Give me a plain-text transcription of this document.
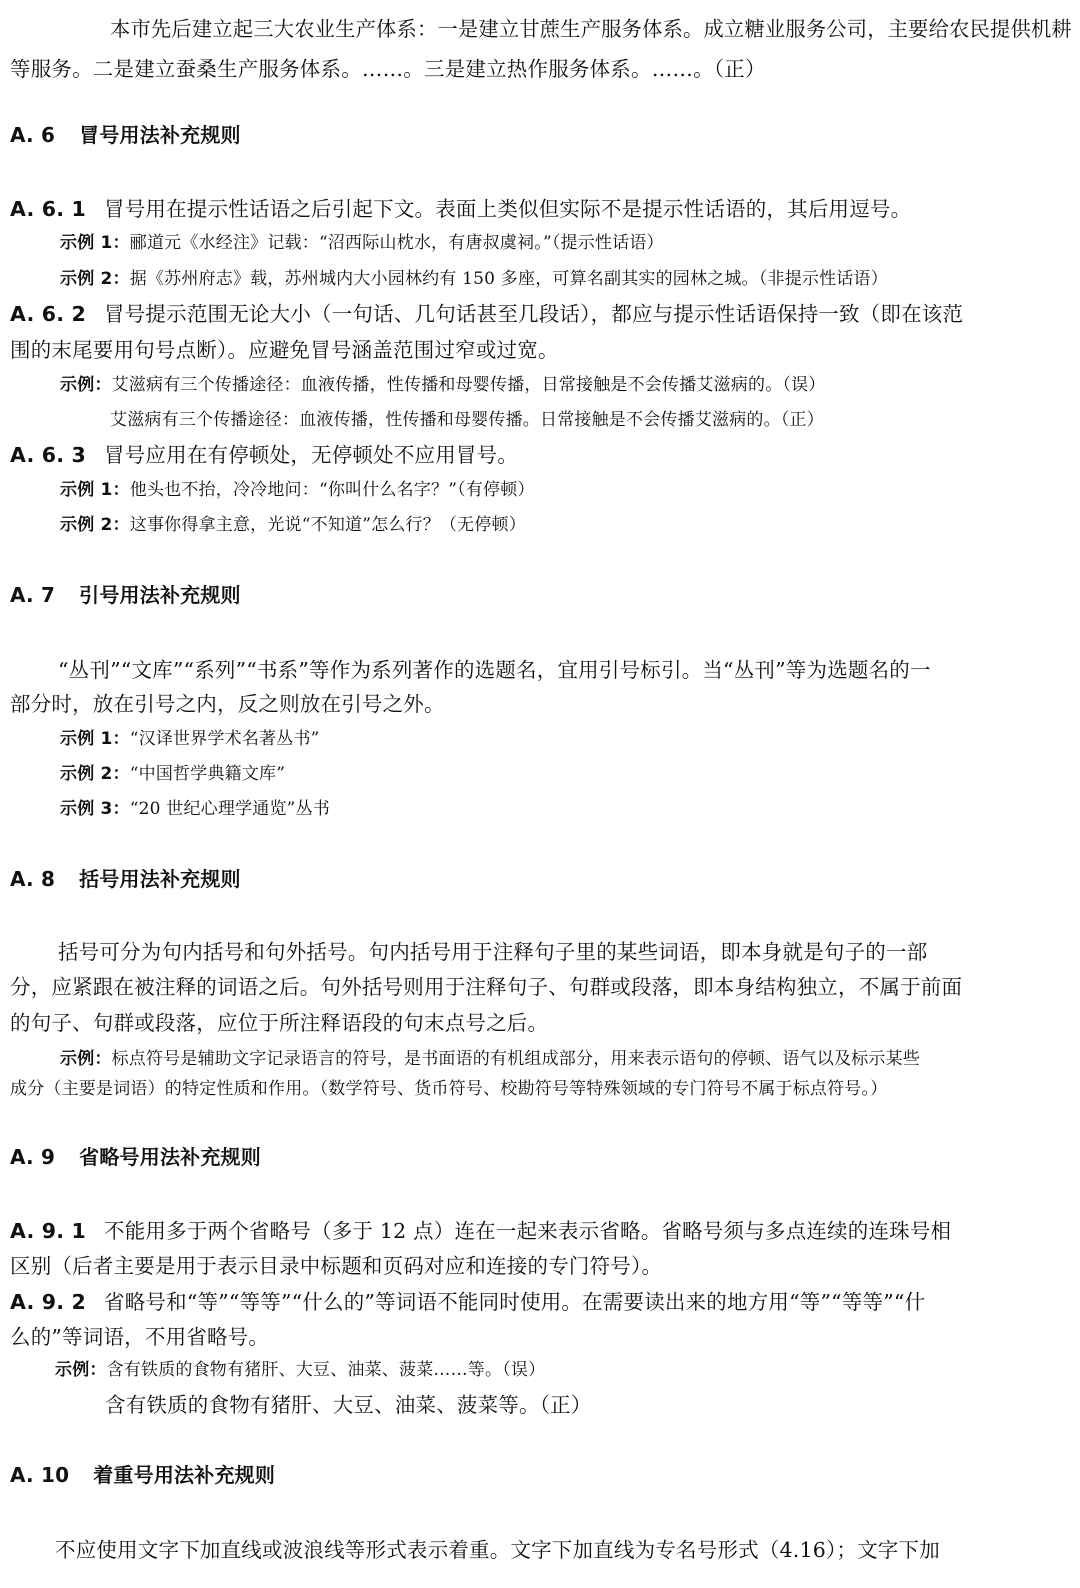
本市先后建立起三大农业生产体系：一是建立甘蔗生产服务体系。成立糖业服务公司，主要给农民提供机耕
等服务。二是建立蚕桑生产服务体系。……。三是建立热作服务体系。……。（正）
A. 6 冒号用法补充规则
A. 6. 1 冒号用在提示性话语之后引起下文。表面上类似但实际不是提示性话语的，其后用逗号。
示例 1：郦道元《水经注》记载：“沼西际山枕水，有唐叔虞祠。”（提示性话语）
示例 2：据《苏州府志》载，苏州城内大小园林约有 150 多座，可算名副其实的园林之城。（非提示性话语）
A. 6. 2 冒号提示范围无论大小（一句话、几句话甚至几段话），都应与提示性话语保持一致（即在该范
围的末尾要用句号点断）。应避免冒号涵盖范围过窄或过宽。
示例：艾滋病有三个传播途径：血液传播，性传播和母婴传播，日常接触是不会传播艾滋病的。（误）
艾滋病有三个传播途径：血液传播，性传播和母婴传播。日常接触是不会传播艾滋病的。（正）
A. 6. 3 冒号应用在有停顿处，无停顿处不应用冒号。
示例 1：他头也不抬，冷冷地问：“你叫什么名字？”（有停顿）
示例 2：这事你得拿主意，光说“不知道”怎么行？（无停顿）
A. 7 引号用法补充规则
“丛刊”“文库”“系列”“书系”等作为系列著作的选题名，宜用引号标引。当“丛刊”等为选题名的一
部分时，放在引号之内，反之则放在引号之外。
示例 1：“汉译世界学术名著丛书”
示例 2：“中国哲学典籍文库”
示例 3：“20 世纪心理学通览”丛书
A. 8 括号用法补充规则
括号可分为句内括号和句外括号。句内括号用于注释句子里的某些词语，即本身就是句子的一部
分，应紧跟在被注释的词语之后。句外括号则用于注释句子、句群或段落，即本身结构独立，不属于前面
的句子、句群或段落，应位于所注释语段的句末点号之后。
示例：标点符号是辅助文字记录语言的符号，是书面语的有机组成部分，用来表示语句的停顿、语气以及标示某些
成分（主要是词语）的特定性质和作用。（数学符号、货币符号、校勘符号等特殊领域的专门符号不属于标点符号。）
A. 9 省略号用法补充规则
A. 9. 1 不能用多于两个省略号（多于 12 点）连在一起来表示省略。省略号须与多点连续的连珠号相
区别（后者主要是用于表示目录中标题和页码对应和连接的专门符号）。
A. 9. 2 省略号和“等”“等等”“什么的”等词语不能同时使用。在需要读出来的地方用“等”“等等”“什
么的”等词语，不用省略号。
示例：含有铁质的食物有猪肝、大豆、油菜、菠菜……等。（误）
含有铁质的食物有猪肝、大豆、油菜、菠菜等。（正）
A. 10 着重号用法补充规则
不应使用文字下加直线或波浪线等形式表示着重。文字下加直线为专名号形式（4.16）；文字下加
